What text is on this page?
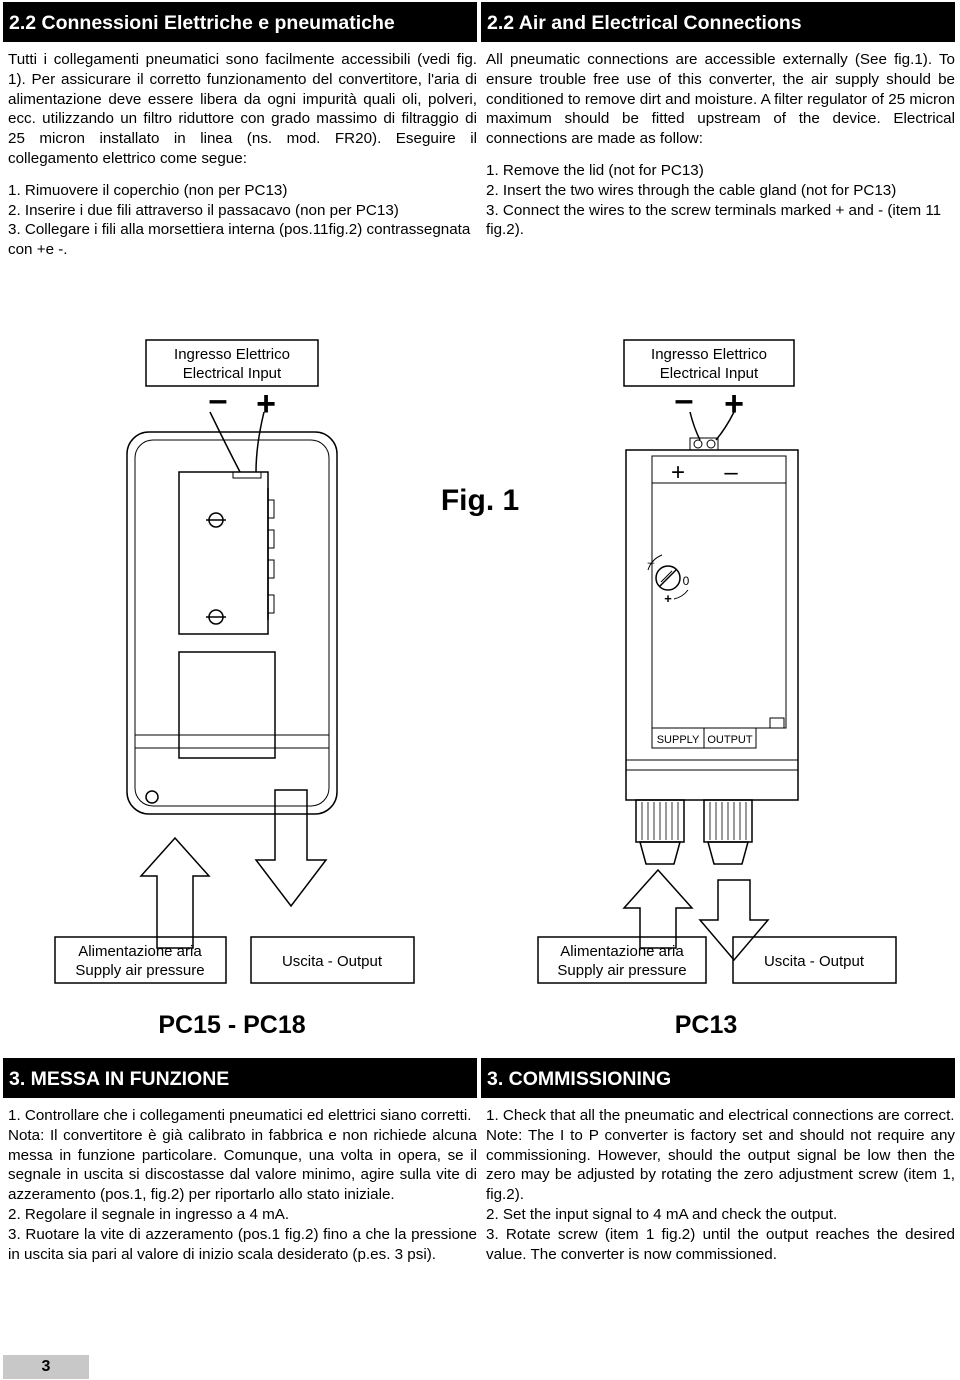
2.2 Connessioni Elettriche e pneumatiche
Tutti i collegamenti pneumatici sono facilmente accessibili (vedi fig. 1). Per assicurare il corretto funzionamento del convertitore, l'aria di alimentazione deve essere libera da ogni impurità quali oli, polveri, ecc. utilizzando un filtro riduttore con grado massimo di filtraggio di 25 micron installato in linea (ns. mod. FR20). Eseguire il collegamento elettrico come segue:
1. Rimuovere il coperchio (non per PC13)
2. Inserire i due fili attraverso il passacavo (non per PC13)
3. Collegare i fili alla morsettiera interna (pos.11fig.2) contrassegnata con +e -.
2.2 Air and Electrical Connections
All pneumatic connections are accessible externally (See fig.1). To ensure trouble free use of this converter, the air supply should be conditioned to remove dirt and moisture. A filter regulator of 25 micron maximum should be fitted upstream of the device. Electrical connections are made as follow:
1. Remove the lid (not for PC13)
2. Insert the two wires through the cable gland (not for PC13)
3. Connect the wires to the screw terminals marked + and - (item 11 fig.2).
– +	– +
+ –
0
–
+
SUPPLY OUTPUT
Ingresso Elettrico
Electrical Input
Ingresso Elettrico
Electrical Input
Alimentazione aria
Supply air pressure
Uscita - Output
Alimentazione aria
Supply air pressure
Uscita - Output
Fig. 1
PC15 - PC18	PC13
3. MESSA IN FUNZIONE
1. Controllare che i collegamenti pneumatici ed elettrici siano corretti.
Nota: Il convertitore è già calibrato in fabbrica e non richiede alcuna messa in funzione particolare. Comunque, una volta in opera, se il segnale in uscita si discostasse dal valore minimo, agire sulla vite di azzeramento (pos.1, fig.2) per riportarlo allo stato iniziale.
2. Regolare il segnale in ingresso a 4 mA.
3. Ruotare la vite di azzeramento (pos.1 fig.2) fino a che la pressione in uscita sia pari al valore di inizio scala desiderato (p.es. 3 psi).
3. COMMISSIONING
1. Check that all the pneumatic and electrical connections are correct.
Note: The I to P converter is factory set and should not require any commissioning. However, should the output signal be low then the zero may be adjusted by rotating the zero adjustment screw (item 1, fig.2).
2. Set the input signal to 4 mA and check the output.
3. Rotate screw (item 1 fig.2) until the output reaches the desired value. The converter is now commissioned.
3
